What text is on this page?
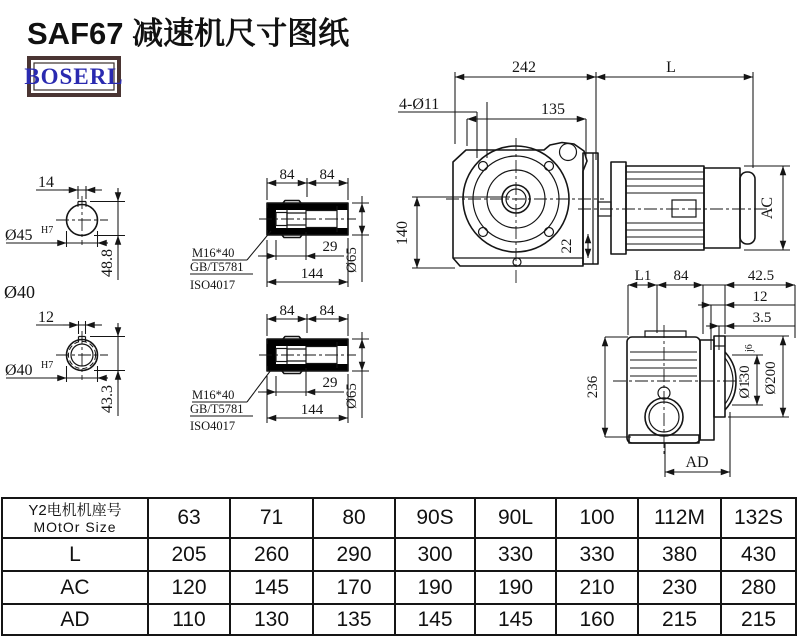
SAF67 减速机尺寸图纸
BOSERL
14
Ø45 H7
48.8
Ø40
12
Ø40 H7
43.3
84 84
29
144
Ø65
M16*40
GB/T5781
ISO4017
84 84
29
144
Ø65
M16*40
GB/T5781
ISO4017
242	L
4-Ø11	135
140
22
AC
L1 84	42.5
12
3.5
236	Ø130
j6
Ø200
AD
Y2电机机座号
MOtOr Size	63	71	80	90S	90L	100	112M	132S
L	205	260	290	300	330	330	380	430
AC	120	145	170	190	190	210	230	280
AD	110	130	135	145	145	160	215	215
